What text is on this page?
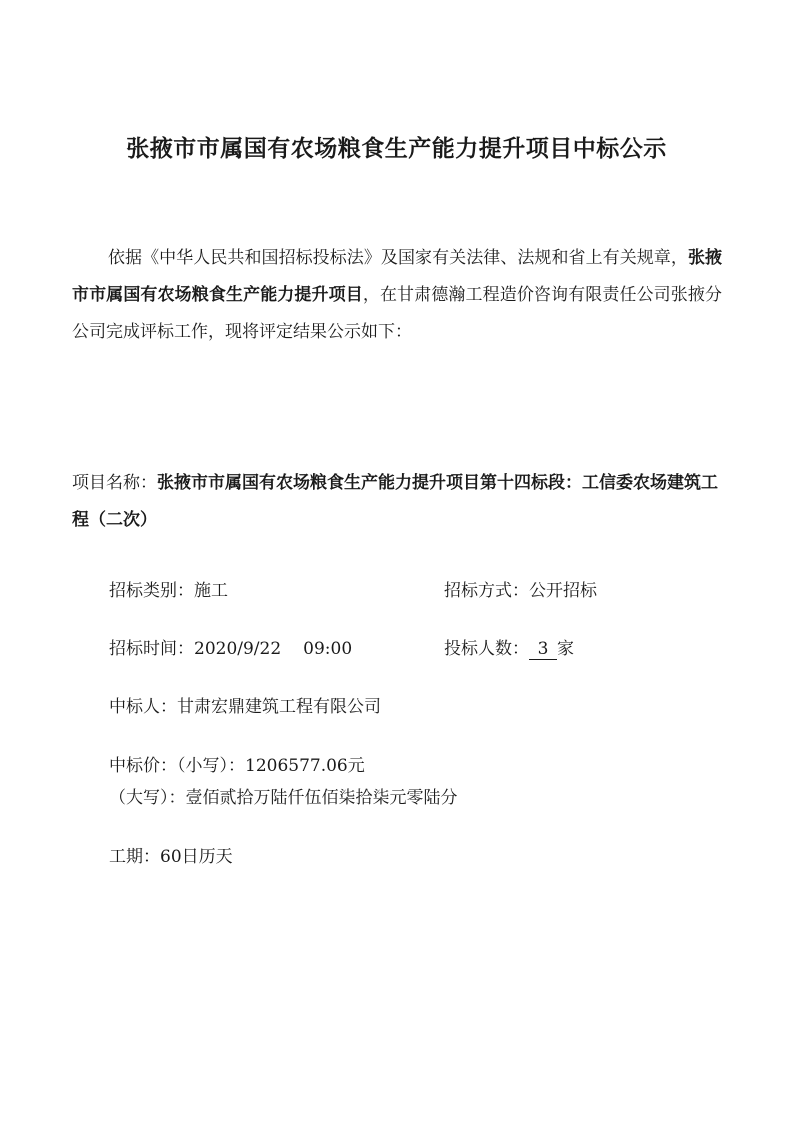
张掖市市属国有农场粮食生产能力提升项目中标公示
依据《中华人民共和国招标投标法》及国家有关法律、法规和省上有关规章，张掖市市属国有农场粮食生产能力提升项目，在甘肃德瀚工程造价咨询有限责任公司张掖分公司完成评标工作，现将评定结果公示如下：
项目名称：张掖市市属国有农场粮食生产能力提升项目第十四标段：工信委农场建筑工程（二次）
招标类别：施工	招标方式：公开招标
招标时间：2020/9/22 09:00	投标人数： 3 家
中标人：甘肃宏鼎建筑工程有限公司
中标价：（小写）：1206577.06元
（大写）：壹佰贰拾万陆仟伍佰柒拾柒元零陆分
工期：60日历天
